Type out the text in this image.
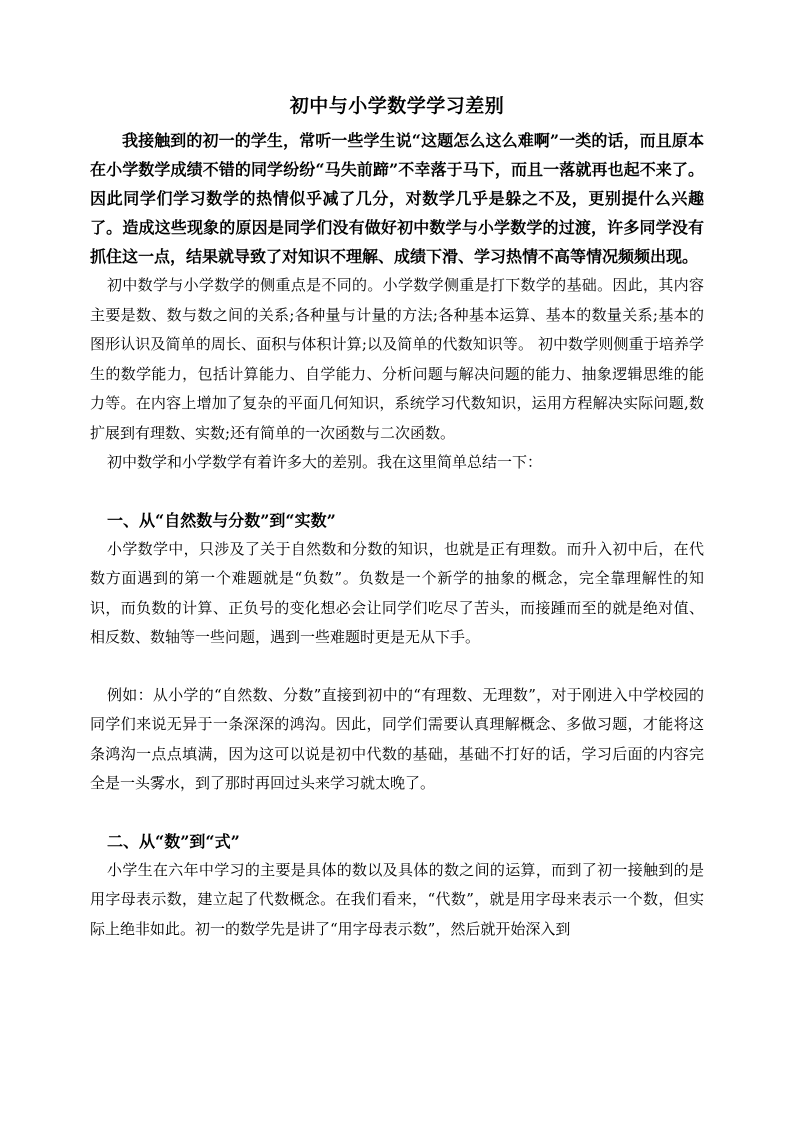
初中与小学数学学习差别

我接触到的初一的学生，常听一些学生说“这题怎么这么难啊”一类的话，而且原本在小学数学成绩不错的同学纷纷“马失前蹄”不幸落于马下，而且一落就再也起不来了。因此同学们学习数学的热情似乎减了几分，对数学几乎是躲之不及，更别提什么兴趣了。造成这些现象的原因是同学们没有做好初中数学与小学数学的过渡，许多同学没有抓住这一点，结果就导致了对知识不理解、成绩下滑、学习热情不高等情况频频出现。

初中数学与小学数学的侧重点是不同的。小学数学侧重是打下数学的基础。因此，其内容主要是数、数与数之间的关系;各种量与计量的方法;各种基本运算、基本的数量关系;基本的图形认识及简单的周长、面积与体积计算;以及简单的代数知识等。 初中数学则侧重于培养学生的数学能力，包括计算能力、自学能力、分析问题与解决问题的能力、抽象逻辑思维的能力等。在内容上增加了复杂的平面几何知识，系统学习代数知识，运用方程解决实际问题,数扩展到有理数、实数;还有简单的一次函数与二次函数。

初中数学和小学数学有着许多大的差别。我在这里简单总结一下：

一、从“自然数与分数”到“实数”

小学数学中，只涉及了关于自然数和分数的知识，也就是正有理数。而升入初中后，在代数方面遇到的第一个难题就是“负数”。负数是一个新学的抽象的概念，完全靠理解性的知识，而负数的计算、正负号的变化想必会让同学们吃尽了苦头，而接踵而至的就是绝对值、相反数、数轴等一些问题，遇到一些难题时更是无从下手。

例如：从小学的“自然数、分数”直接到初中的“有理数、无理数”，对于刚进入中学校园的同学们来说无异于一条深深的鸿沟。因此，同学们需要认真理解概念、多做习题，才能将这条鸿沟一点点填满，因为这可以说是初中代数的基础，基础不打好的话，学习后面的内容完全是一头雾水，到了那时再回过头来学习就太晚了。

二、从“数”到“式”

小学生在六年中学习的主要是具体的数以及具体的数之间的运算，而到了初一接触到的是用字母表示数，建立起了代数概念。在我们看来，“代数”，就是用字母来表示一个数，但实际上绝非如此。初一的数学先是讲了“用字母表示数”，然后就开始深入到
